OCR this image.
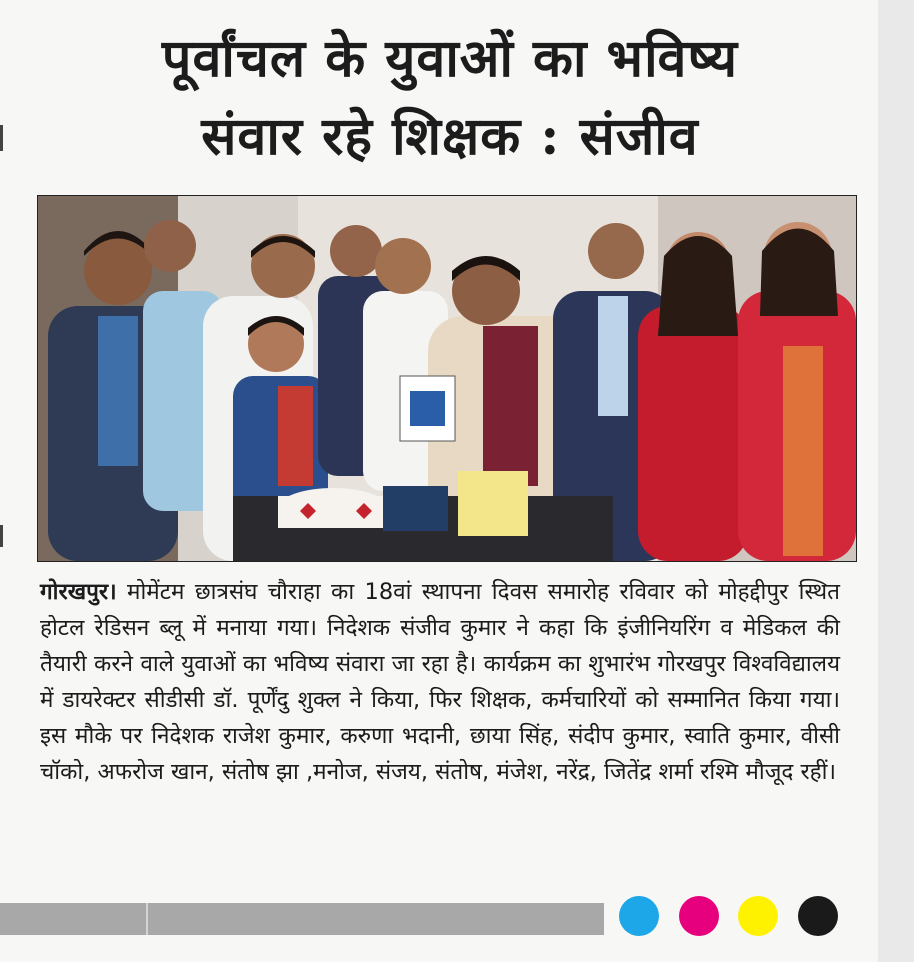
पूर्वांचल के युवाओं का भविष्य
संवार रहे शिक्षक : संजीव
गोरखपुर। मोमेंटम छात्रसंघ चौराहा का 18वां स्थापना दिवस समारोह रविवार को मोहद्दीपुर स्थित होटल रेडिसन ब्लू में मनाया गया। निदेशक संजीव कुमार ने कहा कि इंजीनियरिंग व मेडिकल की तैयारी करने वाले युवाओं का भविष्य संवारा जा रहा है। कार्यक्रम का शुभारंभ गोरखपुर विश्वविद्यालय में डायरेक्टर सीडीसी डॉ. पूर्णेंदु शुक्ल ने किया, फिर शिक्षक, कर्मचारियों को सम्मानित किया गया। इस मौके पर निदेशक राजेश कुमार, करुणा भदानी, छाया सिंह, संदीप कुमार, स्वाति कुमार, वीसी चॉको, अफरोज खान, संतोष झा ,मनोज, संजय, संतोष, मंजेश, नरेंद्र, जितेंद्र शर्मा रश्मि मौजूद रहीं।
